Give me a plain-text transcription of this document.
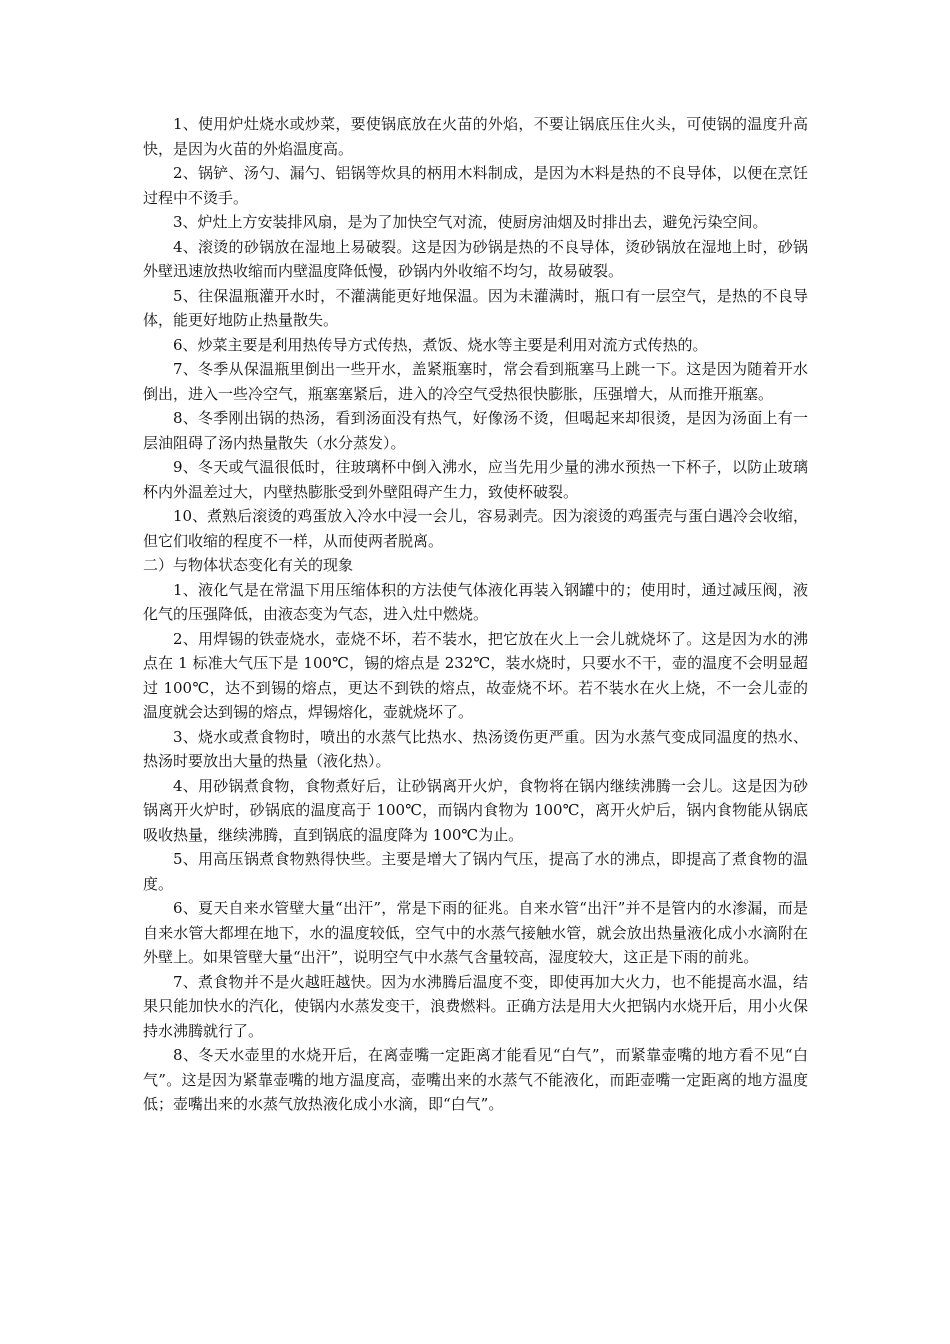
1、使用炉灶烧水或炒菜，要使锅底放在火苗的外焰，不要让锅底压住火头，可使锅的温度升高快，是因为火苗的外焰温度高。

2、锅铲、汤勺、漏勺、铝锅等炊具的柄用木料制成，是因为木料是热的不良导体，以便在烹饪过程中不烫手。

3、炉灶上方安装排风扇，是为了加快空气对流，使厨房油烟及时排出去，避免污染空间。

4、滚烫的砂锅放在湿地上易破裂。这是因为砂锅是热的不良导体，烫砂锅放在湿地上时，砂锅外壁迅速放热收缩而内壁温度降低慢，砂锅内外收缩不均匀，故易破裂。

5、往保温瓶灌开水时，不灌满能更好地保温。因为未灌满时，瓶口有一层空气，是热的不良导体，能更好地防止热量散失。

6、炒菜主要是利用热传导方式传热，煮饭、烧水等主要是利用对流方式传热的。

7、冬季从保温瓶里倒出一些开水，盖紧瓶塞时，常会看到瓶塞马上跳一下。这是因为随着开水倒出，进入一些冷空气，瓶塞塞紧后，进入的冷空气受热很快膨胀，压强增大，从而推开瓶塞。

8、冬季刚出锅的热汤，看到汤面没有热气，好像汤不烫，但喝起来却很烫，是因为汤面上有一层油阻碍了汤内热量散失（水分蒸发）。

9、冬天或气温很低时，往玻璃杯中倒入沸水，应当先用少量的沸水预热一下杯子，以防止玻璃杯内外温差过大，内壁热膨胀受到外壁阻碍产生力，致使杯破裂。

10、煮熟后滚烫的鸡蛋放入冷水中浸一会儿，容易剥壳。因为滚烫的鸡蛋壳与蛋白遇冷会收缩，但它们收缩的程度不一样，从而使两者脱离。

二）与物体状态变化有关的现象

1、液化气是在常温下用压缩体积的方法使气体液化再装入钢罐中的；使用时，通过减压阀，液化气的压强降低，由液态变为气态，进入灶中燃烧。

2、用焊锡的铁壶烧水，壶烧不坏，若不装水，把它放在火上一会儿就烧坏了。这是因为水的沸点在 1 标准大气压下是 100℃，锡的熔点是 232℃，装水烧时，只要水不干，壶的温度不会明显超过 100℃，达不到锡的熔点，更达不到铁的熔点，故壶烧不坏。若不装水在火上烧，不一会儿壶的温度就会达到锡的熔点，焊锡熔化，壶就烧坏了。

3、烧水或煮食物时，喷出的水蒸气比热水、热汤烫伤更严重。因为水蒸气变成同温度的热水、热汤时要放出大量的热量（液化热）。

4、用砂锅煮食物，食物煮好后，让砂锅离开火炉，食物将在锅内继续沸腾一会儿。这是因为砂锅离开火炉时，砂锅底的温度高于 100℃，而锅内食物为 100℃，离开火炉后，锅内食物能从锅底吸收热量，继续沸腾，直到锅底的温度降为 100℃为止。

5、用高压锅煮食物熟得快些。主要是增大了锅内气压，提高了水的沸点，即提高了煮食物的温度。

6、夏天自来水管壁大量“出汗”，常是下雨的征兆。自来水管“出汗”并不是管内的水渗漏，而是自来水管大都埋在地下，水的温度较低，空气中的水蒸气接触水管，就会放出热量液化成小水滴附在外壁上。如果管壁大量“出汗”，说明空气中水蒸气含量较高，湿度较大，这正是下雨的前兆。

7、煮食物并不是火越旺越快。因为水沸腾后温度不变，即使再加大火力，也不能提高水温，结果只能加快水的汽化，使锅内水蒸发变干，浪费燃料。正确方法是用大火把锅内水烧开后，用小火保持水沸腾就行了。

8、冬天水壶里的水烧开后，在离壶嘴一定距离才能看见“白气”，而紧靠壶嘴的地方看不见“白气”。这是因为紧靠壶嘴的地方温度高，壶嘴出来的水蒸气不能液化，而距壶嘴一定距离的地方温度低；壶嘴出来的水蒸气放热液化成小水滴，即“白气”。
